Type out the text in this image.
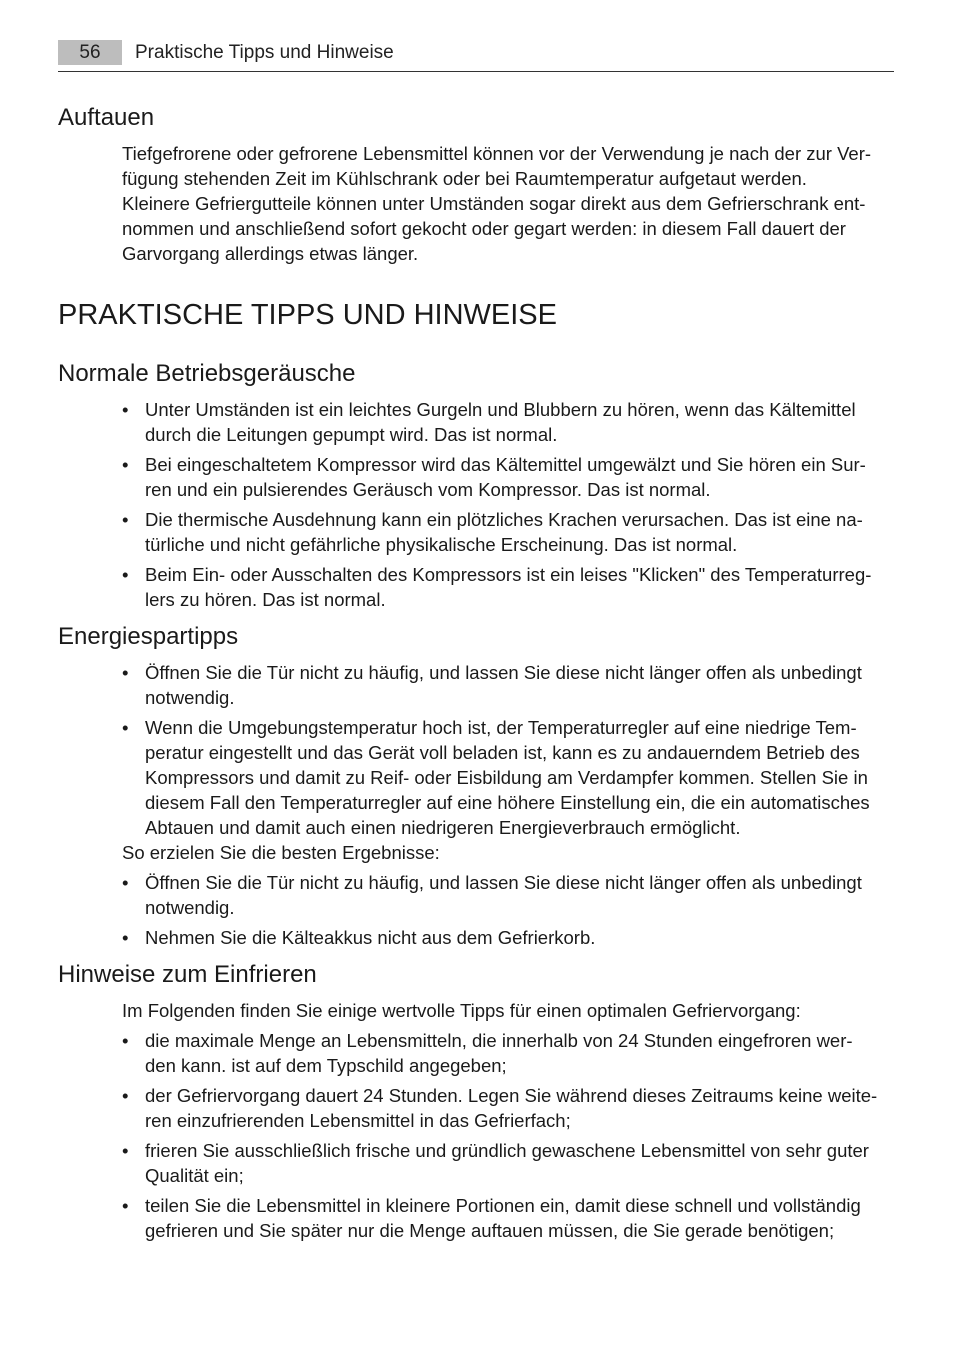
56	Praktische Tipps und Hinweise
Auftauen
Tiefgefrorene oder gefrorene Lebensmittel können vor der Verwendung je nach der zur Ver-
fügung stehenden Zeit im Kühlschrank oder bei Raumtemperatur aufgetaut werden.
Kleinere Gefriergutteile können unter Umständen sogar direkt aus dem Gefrierschrank ent-
nommen und anschließend sofort gekocht oder gegart werden: in diesem Fall dauert der
Garvorgang allerdings etwas länger.
PRAKTISCHE TIPPS UND HINWEISE
Normale Betriebsgeräusche
• Unter Umständen ist ein leichtes Gurgeln und Blubbern zu hören, wenn das Kältemittel
durch die Leitungen gepumpt wird. Das ist normal.
• Bei eingeschaltetem Kompressor wird das Kältemittel umgewälzt und Sie hören ein Sur-
ren und ein pulsierendes Geräusch vom Kompressor. Das ist normal.
• Die thermische Ausdehnung kann ein plötzliches Krachen verursachen. Das ist eine na-
türliche und nicht gefährliche physikalische Erscheinung. Das ist normal.
• Beim Ein- oder Ausschalten des Kompressors ist ein leises "Klicken" des Temperaturreg-
lers zu hören. Das ist normal.
Energiespartipps
• Öffnen Sie die Tür nicht zu häufig, und lassen Sie diese nicht länger offen als unbedingt
notwendig.
• Wenn die Umgebungstemperatur hoch ist, der Temperaturregler auf eine niedrige Tem-
peratur eingestellt und das Gerät voll beladen ist, kann es zu andauerndem Betrieb des
Kompressors und damit zu Reif- oder Eisbildung am Verdampfer kommen. Stellen Sie in
diesem Fall den Temperaturregler auf eine höhere Einstellung ein, die ein automatisches
Abtauen und damit auch einen niedrigeren Energieverbrauch ermöglicht.
So erzielen Sie die besten Ergebnisse:
• Öffnen Sie die Tür nicht zu häufig, und lassen Sie diese nicht länger offen als unbedingt
notwendig.
• Nehmen Sie die Kälteakkus nicht aus dem Gefrierkorb.
Hinweise zum Einfrieren
Im Folgenden finden Sie einige wertvolle Tipps für einen optimalen Gefriervorgang:
• die maximale Menge an Lebensmitteln, die innerhalb von 24 Stunden eingefroren wer-
den kann. ist auf dem Typschild angegeben;
• der Gefriervorgang dauert 24 Stunden. Legen Sie während dieses Zeitraums keine weite-
ren einzufrierenden Lebensmittel in das Gefrierfach;
• frieren Sie ausschließlich frische und gründlich gewaschene Lebensmittel von sehr guter
Qualität ein;
• teilen Sie die Lebensmittel in kleinere Portionen ein, damit diese schnell und vollständig
gefrieren und Sie später nur die Menge auftauen müssen, die Sie gerade benötigen;
